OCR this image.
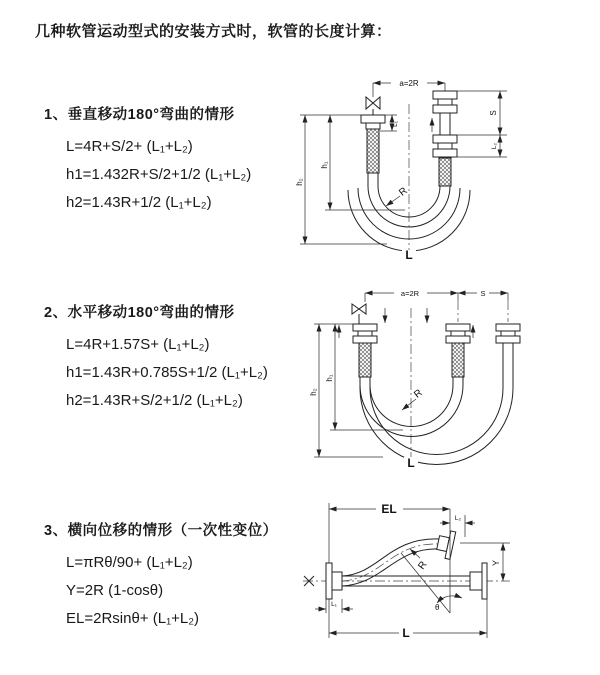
几种软管运动型式的安装方式时，软管的长度计算：
1、垂直移动180°弯曲的情形

L=4R+S/2+ (L₁+L₂)

h1=1.432R+S/2+1/2 (L₁+L₂)

h2=1.43R+1/2 (L₁+L₂)

a=2R
h₁
h₂
L₁
S
L₂
R
L
2、水平移动180°弯曲的情形

L=4R+1.57S+ (L₁+L₂)

h1=1.43R+0.785S+1/2 (L₁+L₂)

h2=1.43R+S/2+1/2 (L₁+L₂)

a=2R	S
h₁
h₂	R
L
3、横向位移的情形（一次性变位）

L=πRθ/90+ (L₁+L₂)

Y=2R (1-cosθ)

EL=2Rsinθ+ (L₁+L₂)

θ
R
EL
L₂
Y
L
L₁
